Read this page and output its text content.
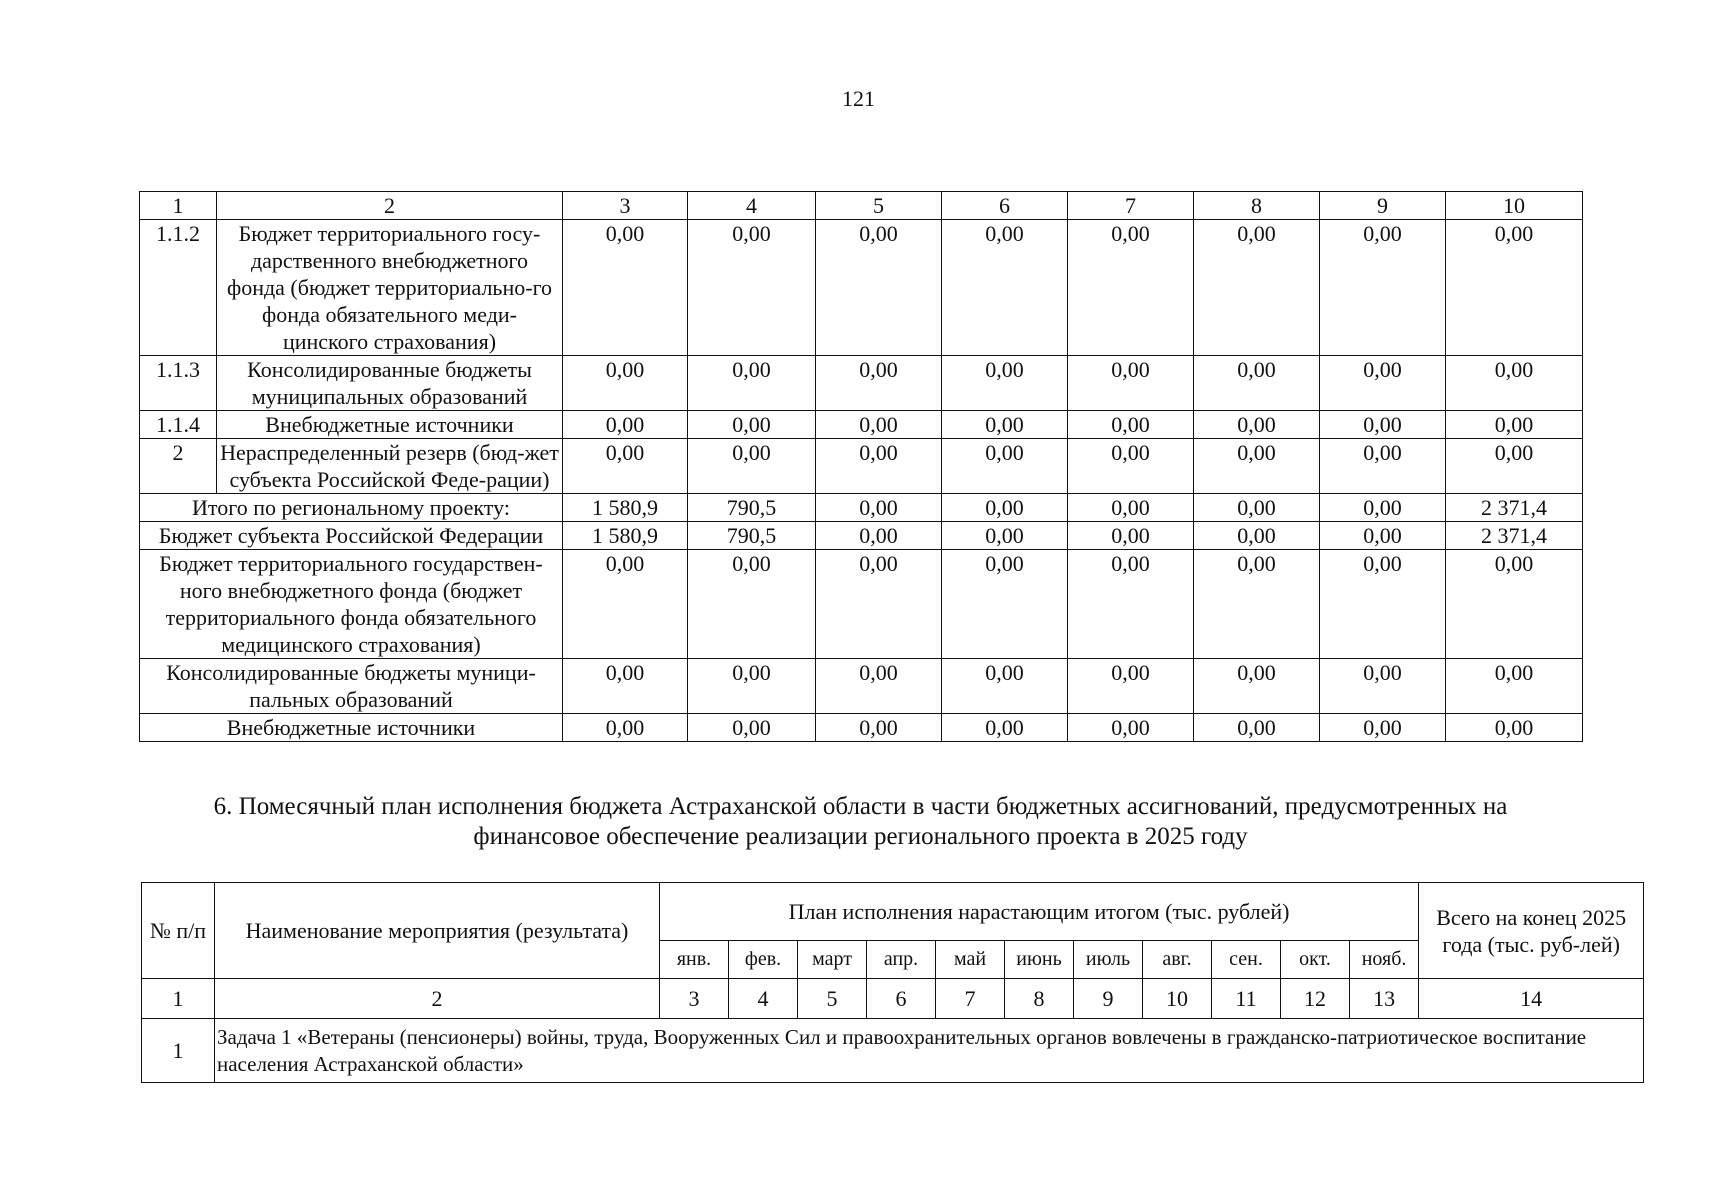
121
1	2	3	4	5	6	7	8	9	10
1.1.2	Бюджет территориального госу-дарственного внебюджетного фонда (бюджет территориально-го фонда обязательного меди-цинского страхования)	0,00	0,00	0,00	0,00	0,00	0,00	0,00	0,00
1.1.3	Консолидированные бюджеты муниципальных образований	0,00	0,00	0,00	0,00	0,00	0,00	0,00	0,00
1.1.4	Внебюджетные источники	0,00	0,00	0,00	0,00	0,00	0,00	0,00	0,00
2	Нераспределенный резерв (бюд-жет субъекта Российской Феде-рации)	0,00	0,00	0,00	0,00	0,00	0,00	0,00	0,00
Итого по региональному проекту:		1 580,9	790,5	0,00	0,00	0,00	0,00	0,00	2 371,4
Бюджет субъекта Российской Федерации		1 580,9	790,5	0,00	0,00	0,00	0,00	0,00	2 371,4
Бюджет территориального государствен-ного внебюджетного фонда (бюджет территориального фонда обязательного медицинского страхования)		0,00	0,00	0,00	0,00	0,00	0,00	0,00	0,00
Консолидированные бюджеты муници-пальных образований		0,00	0,00	0,00	0,00	0,00	0,00	0,00	0,00
Внебюджетные источники		0,00	0,00	0,00	0,00	0,00	0,00	0,00	0,00
6. Помесячный план исполнения бюджета Астраханской области в части бюджетных ассигнований, предусмотренных на
финансовое обеспечение реализации регионального проекта в 2025 году
№ п/п	Наименование мероприятия (результата)	План исполнения нарастающим итогом (тыс. рублей)											Всего на конец 2025 года (тыс. руб-лей)
		янв.	фев.	март	апр.	май	июнь	июль	авг.	сен.	окт.	нояб.	
1	2	3	4	5	6	7	8	9	10	11	12	13	14
1	Задача 1 «Ветераны (пенсионеры) войны, труда, Вооруженных Сил и правоохранительных органов вовлечены в гражданско-патриотическое воспитание населения Астраханской области»												
